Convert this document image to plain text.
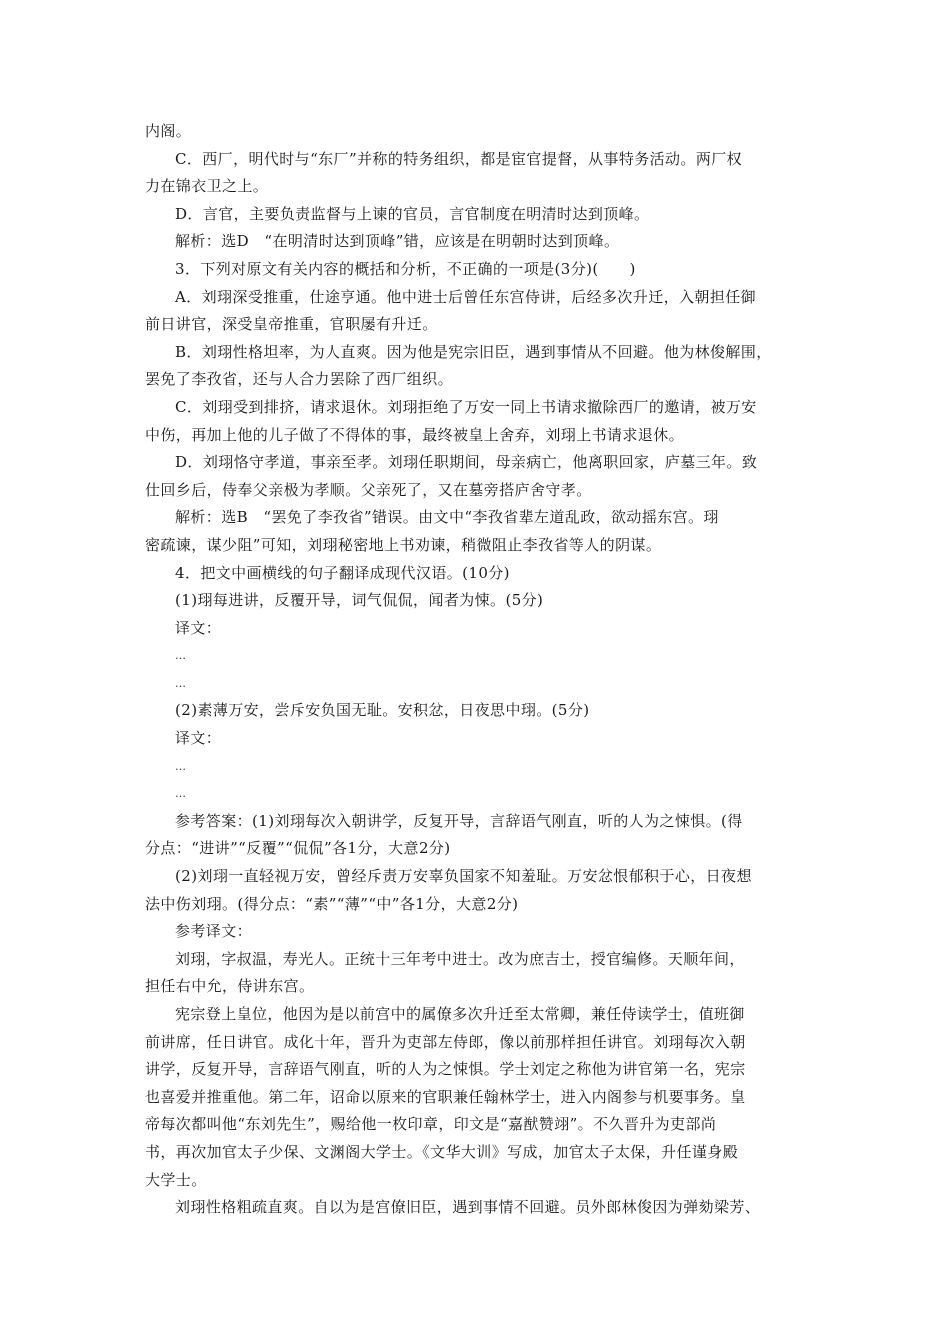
内阁。
C．西厂，明代时与“东厂”并称的特务组织，都是宦官提督，从事特务活动。两厂权
力在锦衣卫之上。
D．言官，主要负责监督与上谏的官员，言官制度在明清时达到顶峰。
解析：选D　“在明清时达到顶峰”错，应该是在明朝时达到顶峰。
3．下列对原文有关内容的概括和分析，不正确的一项是(3分)(　　)
A．刘珝深受推重，仕途亨通。他中进士后曾任东宫侍讲，后经多次升迁，入朝担任御
前日讲官，深受皇帝推重，官职屡有升迁。
B．刘珝性格坦率，为人直爽。因为他是宪宗旧臣，遇到事情从不回避。他为林俊解围，
罢免了李孜省，还与人合力罢除了西厂组织。
C．刘珝受到排挤，请求退休。刘珝拒绝了万安一同上书请求撤除西厂的邀请，被万安
中伤，再加上他的儿子做了不得体的事，最终被皇上舍弃，刘珝上书请求退休。
D．刘珝恪守孝道，事亲至孝。刘珝任职期间，母亲病亡，他离职回家，庐墓三年。致
仕回乡后，侍奉父亲极为孝顺。父亲死了，又在墓旁搭庐舍守孝。
解析：选B　“罢免了李孜省”错误。由文中“李孜省辈左道乱政，欲动摇东宫。珝
密疏谏，谋少阻”可知，刘珝秘密地上书劝谏，稍微阻止李孜省等人的阴谋。
4．把文中画横线的句子翻译成现代汉语。(10分)
(1)珝每进讲，反覆开导，词气侃侃，闻者为悚。(5分)
译文：
…
…
(2)素薄万安，尝斥安负国无耻。安积忿，日夜思中珝。(5分)
译文：
…
…
参考答案：(1)刘珝每次入朝讲学，反复开导，言辞语气刚直，听的人为之悚惧。(得
分点：“进讲”“反覆”“侃侃”各1分，大意2分)
(2)刘珝一直轻视万安，曾经斥责万安辜负国家不知羞耻。万安忿恨郁积于心，日夜想
法中伤刘珝。(得分点：“素”“薄”“中”各1分，大意2分)
参考译文：
刘珝，字叔温，寿光人。正统十三年考中进士。改为庶吉士，授官编修。天顺年间，
担任右中允，侍讲东宫。
宪宗登上皇位，他因为是以前宫中的属僚多次升迁至太常卿，兼任侍读学士，值班御
前讲席，任日讲官。成化十年，晋升为吏部左侍郎，像以前那样担任讲官。刘珝每次入朝
讲学，反复开导，言辞语气刚直，听的人为之悚惧。学士刘定之称他为讲官第一名，宪宗
也喜爱并推重他。第二年，诏命以原来的官职兼任翰林学士，进入内阁参与机要事务。皇
帝每次都叫他“东刘先生”，赐给他一枚印章，印文是“嘉猷赞翊”。不久晋升为吏部尚
书，再次加官太子少保、文渊阁大学士。《文华大训》写成，加官太子太保，升任谨身殿
大学士。
刘珝性格粗疏直爽。自以为是宫僚旧臣，遇到事情不回避。员外郎林俊因为弹劾梁芳、
